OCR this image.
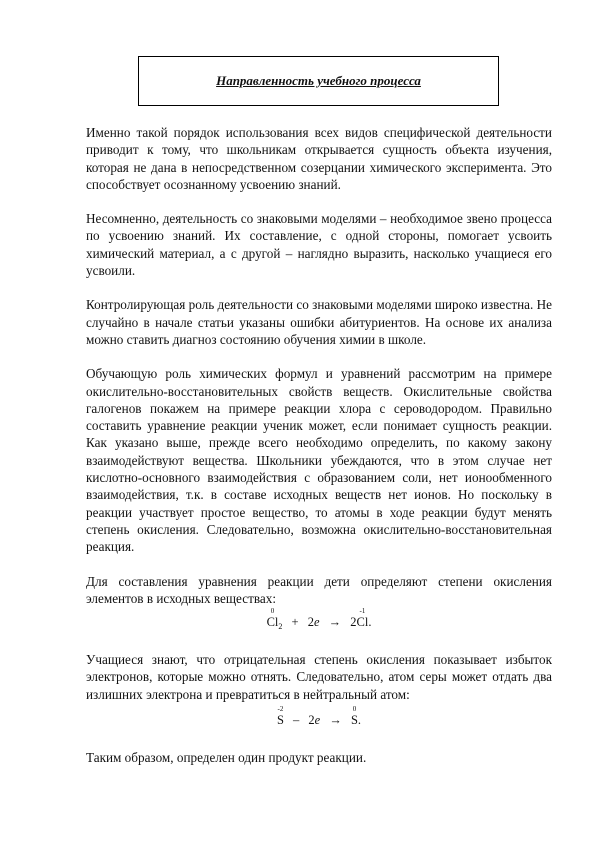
Направленность учебного процесса

Именно такой порядок использования всех видов специфической деятельности приводит к тому, что школьникам открывается сущность объекта изучения, которая не дана в непосредственном созерцании химического эксперимента. Это способствует осознанному усвоению знаний.

Несомненно, деятельность со знаковыми моделями – необходимое звено процесса по усвоению знаний. Их составление, с одной стороны, помогает усвоить химический материал, а с другой – наглядно выразить, насколько учащиеся его усвоили.

Контролирующая роль деятельности со знаковыми моделями широко известна. Не случайно в начале статьи указаны ошибки абитуриентов. На основе их анализа можно ставить диагноз состоянию обучения химии в школе.

Обучающую роль химических формул и уравнений рассмотрим на примере окислительно-восстановительных свойств веществ. Окислительные свойства галогенов покажем на примере реакции хлора с сероводородом. Правильно составить уравнение реакции ученик может, если понимает сущность реакции. Как указано выше, прежде всего необходимо определить, по какому закону взаимодействуют вещества. Школьники убеждаются, что в этом случае нет кислотно-основного взаимодействия с образованием соли, нет ионообменного взаимодействия, т.к. в составе исходных веществ нет ионов. Но поскольку в реакции участвует простое вещество, то атомы в ходе реакции будут менять степень окисления. Следовательно, возможна окислительно-восстановительная реакция.

Для составления уравнения реакции дети определяют степени окисления элементов в исходных веществах:

0
$Cl_2 + 2e \to 2$
-1
Cl.

Учащиеся знают, что отрицательная степень окисления показывает избыток электронов, которые можно отнять. Следовательно, атом серы может отдать два излишних электрона и превратиться в нейтральный атом:

-2
S – 2e →
0
S.

Таким образом, определен один продукт реакции.
